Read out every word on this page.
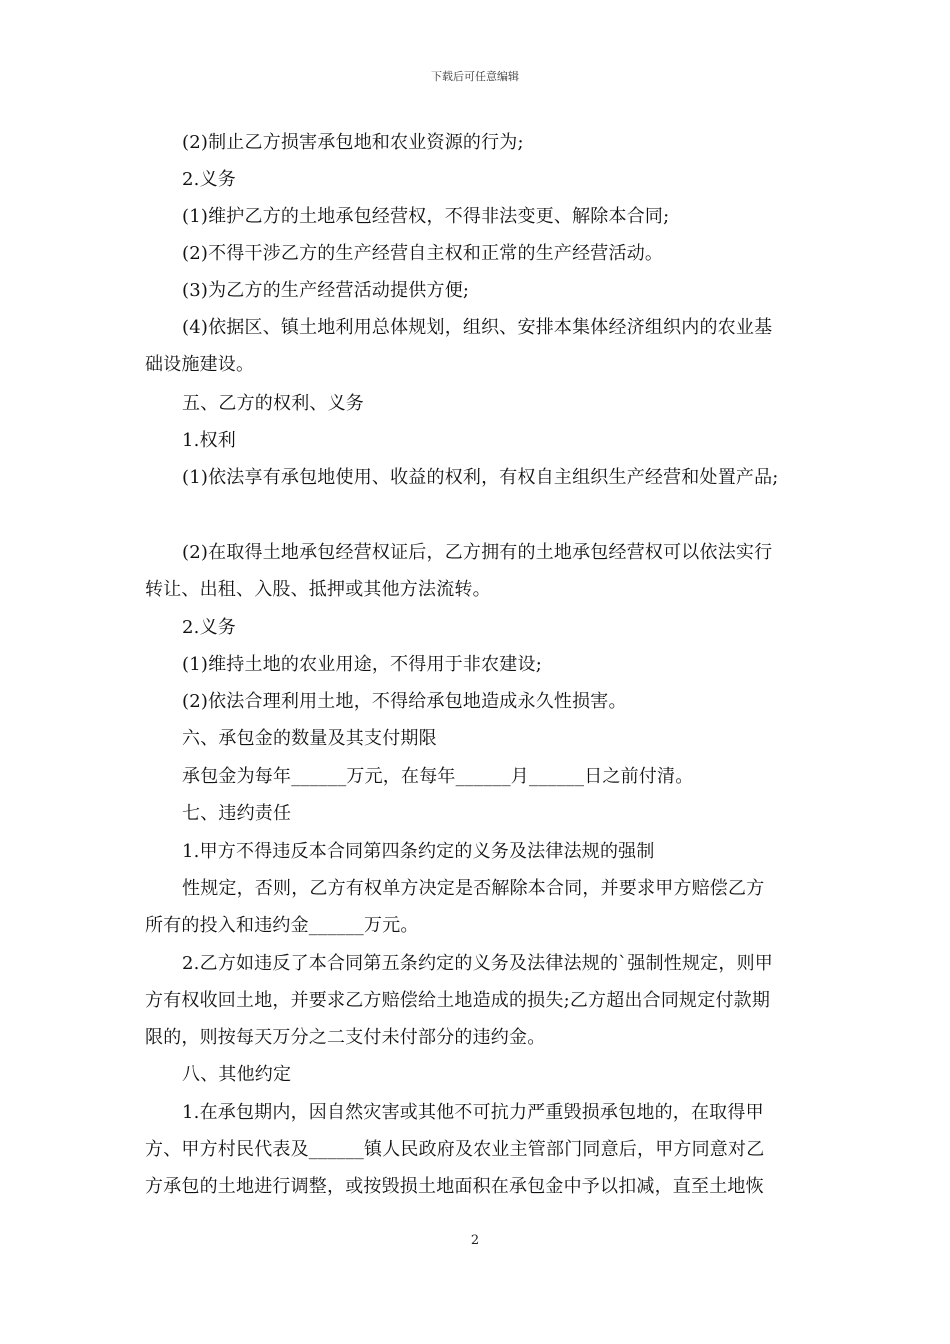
下载后可任意编辑
(2)制止乙方损害承包地和农业资源的行为;
2.义务
(1)维护乙方的土地承包经营权，不得非法变更、解除本合同;
(2)不得干涉乙方的生产经营自主权和正常的生产经营活动。
(3)为乙方的生产经营活动提供方便;
(4)依据区、镇土地利用总体规划，组织、安排本集体经济组织内的农业基
础设施建设。
五、乙方的权利、义务
1.权利
(1)依法享有承包地使用、收益的权利，有权自主组织生产经营和处置产品;
(2)在取得土地承包经营权证后，乙方拥有的土地承包经营权可以依法实行
转让、出租、入股、抵押或其他方法流转。
2.义务
(1)维持土地的农业用途，不得用于非农建设;
(2)依法合理利用土地，不得给承包地造成永久性损害。
六、承包金的数量及其支付期限
承包金为每年______万元，在每年______月______日之前付清。
七、违约责任
1.甲方不得违反本合同第四条约定的义务及法律法规的强制
性规定，否则，乙方有权单方决定是否解除本合同，并要求甲方赔偿乙方
所有的投入和违约金______万元。
2.乙方如违反了本合同第五条约定的义务及法律法规的`强制性规定，则甲
方有权收回土地，并要求乙方赔偿给土地造成的损失;乙方超出合同规定付款期
限的，则按每天万分之二支付未付部分的违约金。
八、其他约定
1.在承包期内，因自然灾害或其他不可抗力严重毁损承包地的，在取得甲
方、甲方村民代表及______镇人民政府及农业主管部门同意后，甲方同意对乙
方承包的土地进行调整，或按毁损土地面积在承包金中予以扣减，直至土地恢
2
